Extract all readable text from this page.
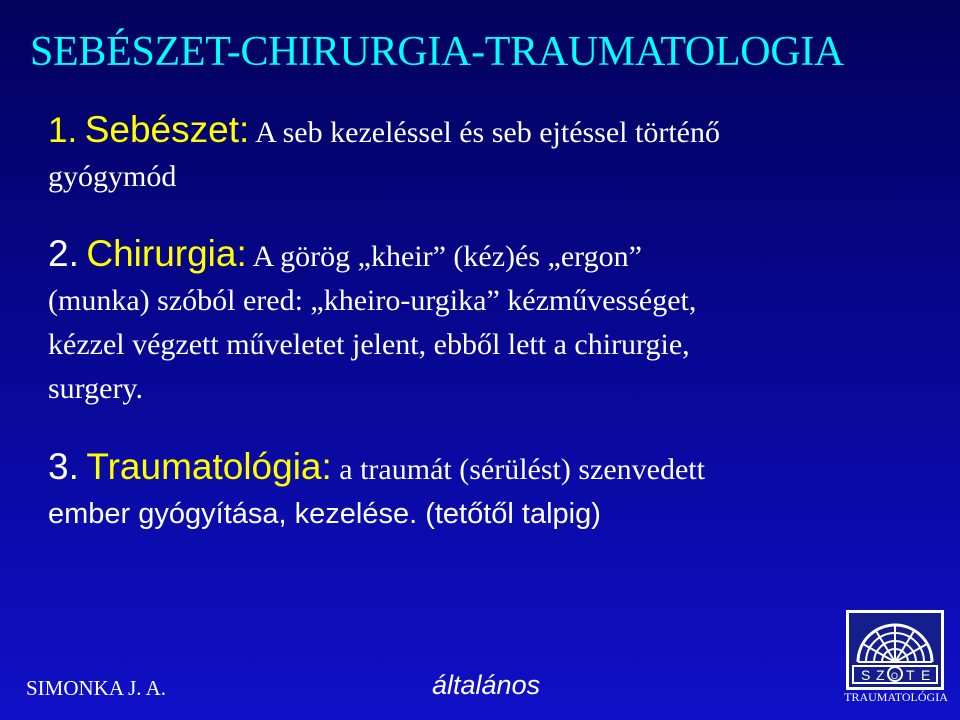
SEBÉSZET-CHIRURGIA-TRAUMATOLOGIA
1. Sebészet: A seb kezeléssel és seb ejtéssel történő
gyógymód
2. Chirurgia: A görög „kheir” (kéz)és „ergon”
(munka) szóból ered: „kheiro-urgika” kézművességet,
kézzel végzett műveletet jelent, ebből lett a chirurgie,
surgery.
3. Traumatológia: a traumát (sérülést) szenvedett
ember gyógyítása, kezelése. (tetőtől talpig)
SIMONKA J. A.	általános	S Z O T E
TRAUMATOLÓGIA
